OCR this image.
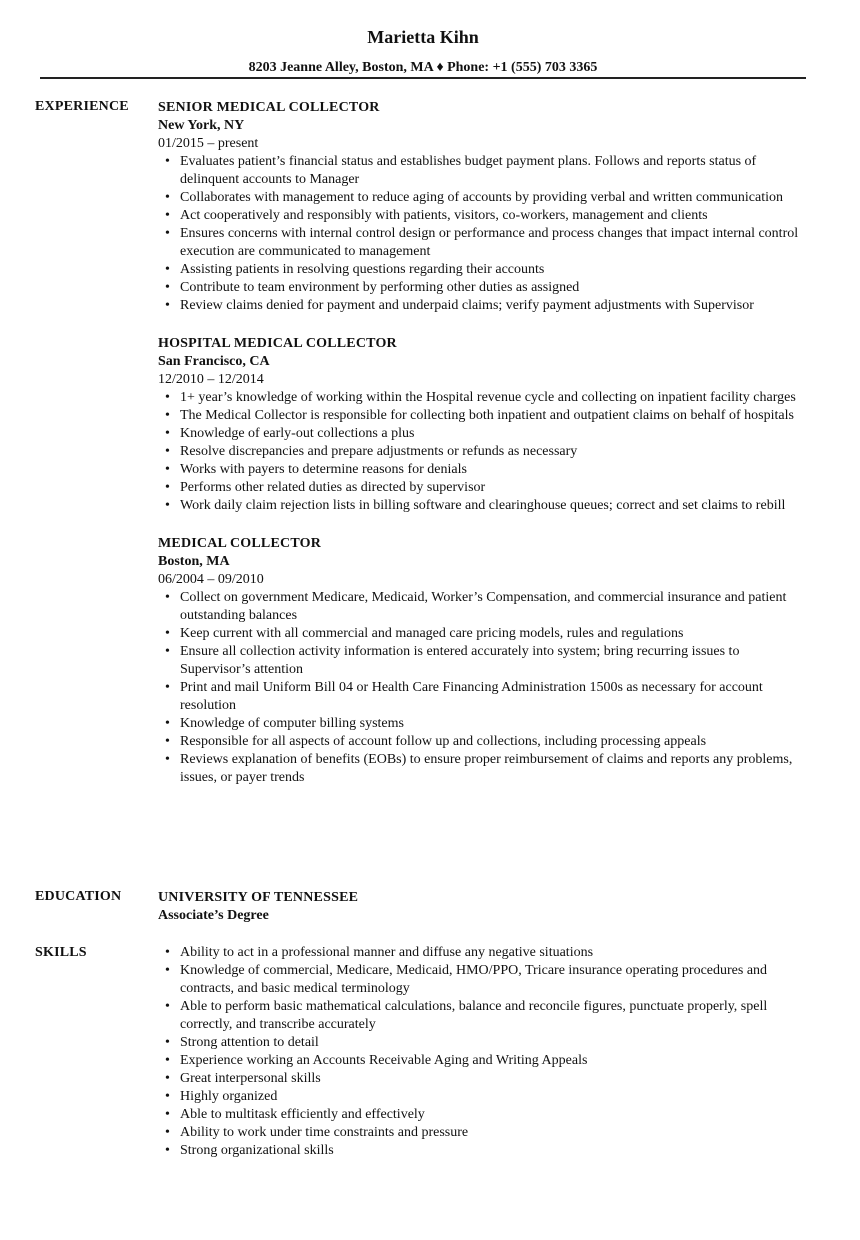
Marietta Kihn
8203 Jeanne Alley, Boston, MA ♦ Phone: +1 (555) 703 3365
EXPERIENCE SENIOR MEDICAL COLLECTOR
New York, NY
01/2015 – present
• Evaluates patient’s financial status and establishes budget payment plans. Follows and reports status of delinquent accounts to Manager
• Collaborates with management to reduce aging of accounts by providing verbal and written communication
• Act cooperatively and responsibly with patients, visitors, co-workers, management and clients
• Ensures concerns with internal control design or performance and process changes that impact internal control execution are communicated to management
• Assisting patients in resolving questions regarding their accounts
• Contribute to team environment by performing other duties as assigned
• Review claims denied for payment and underpaid claims; verify payment adjustments with Supervisor
HOSPITAL MEDICAL COLLECTOR
San Francisco, CA
12/2010 – 12/2014
• 1+ year’s knowledge of working within the Hospital revenue cycle and collecting on inpatient facility charges
• The Medical Collector is responsible for collecting both inpatient and outpatient claims on behalf of hospitals
• Knowledge of early-out collections a plus
• Resolve discrepancies and prepare adjustments or refunds as necessary
• Works with payers to determine reasons for denials
• Performs other related duties as directed by supervisor
• Work daily claim rejection lists in billing software and clearinghouse queues; correct and set claims to rebill
MEDICAL COLLECTOR
Boston, MA
06/2004 – 09/2010
• Collect on government Medicare, Medicaid, Worker’s Compensation, and commercial insurance and patient outstanding balances
• Keep current with all commercial and managed care pricing models, rules and regulations
• Ensure all collection activity information is entered accurately into system; bring recurring issues to Supervisor’s attention
• Print and mail Uniform Bill 04 or Health Care Financing Administration 1500s as necessary for account resolution
• Knowledge of computer billing systems
• Responsible for all aspects of account follow up and collections, including processing appeals
• Reviews explanation of benefits (EOBs) to ensure proper reimbursement of claims and reports any problems, issues, or payer trends
EDUCATION	UNIVERSITY OF TENNESSEE
Associate’s Degree
SKILLS
•	Ability to act in a professional manner and diffuse any negative situations
• Knowledge of commercial, Medicare, Medicaid, HMO/PPO, Tricare insurance operating procedures and contracts, and basic medical terminology
• Able to perform basic mathematical calculations, balance and reconcile figures, punctuate properly, spell correctly, and transcribe accurately
• Strong attention to detail
• Experience working an Accounts Receivable Aging and Writing Appeals
• Great interpersonal skills
• Highly organized
• Able to multitask efficiently and effectively
• Ability to work under time constraints and pressure
• Strong organizational skills
